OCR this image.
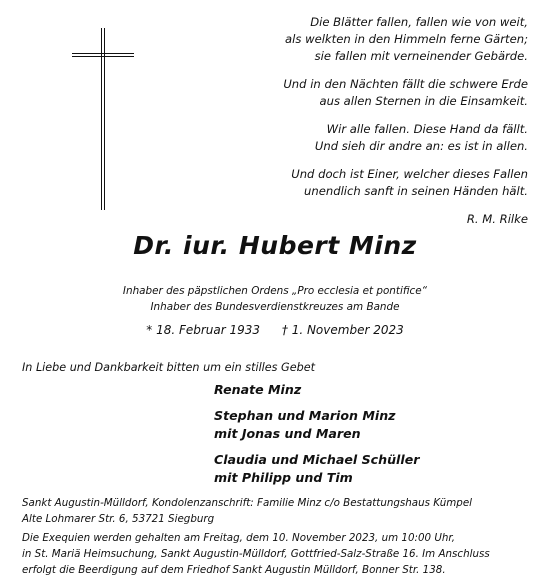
Die Blätter fallen, fallen wie von weit,
als welkten in den Himmeln ferne Gärten;
sie fallen mit verneinender Gebärde.
Und in den Nächten fällt die schwere Erde
aus allen Sternen in die Einsamkeit.
Wir alle fallen. Diese Hand da fällt.
Und sieh dir andre an: es ist in allen.
Und doch ist Einer, welcher dieses Fallen
unendlich sanft in seinen Händen hält.
R. M. Rilke
Dr. iur. Hubert Minz
Inhaber des päpstlichen Ordens „Pro ecclesia et pontifice“
Inhaber des Bundesverdienstkreuzes am Bande
* 18. Februar 1933 † 1. November 2023
In Liebe und Dankbarkeit bitten um ein stilles Gebet
Renate Minz
Stephan und Marion Minz
mit Jonas und Maren
Claudia und Michael Schüller
mit Philipp und Tim
Sankt Augustin-Mülldorf, Kondolenzanschrift: Familie Minz c/o Bestattungshaus Kümpel
Alte Lohmarer Str. 6, 53721 Siegburg
Die Exequien werden gehalten am Freitag, dem 10. November 2023, um 10:00 Uhr,
in St. Mariä Heimsuchung, Sankt Augustin-Mülldorf, Gottfried-Salz-Straße 16. Im Anschluss
erfolgt die Beerdigung auf dem Friedhof Sankt Augustin Mülldorf, Bonner Str. 138.
